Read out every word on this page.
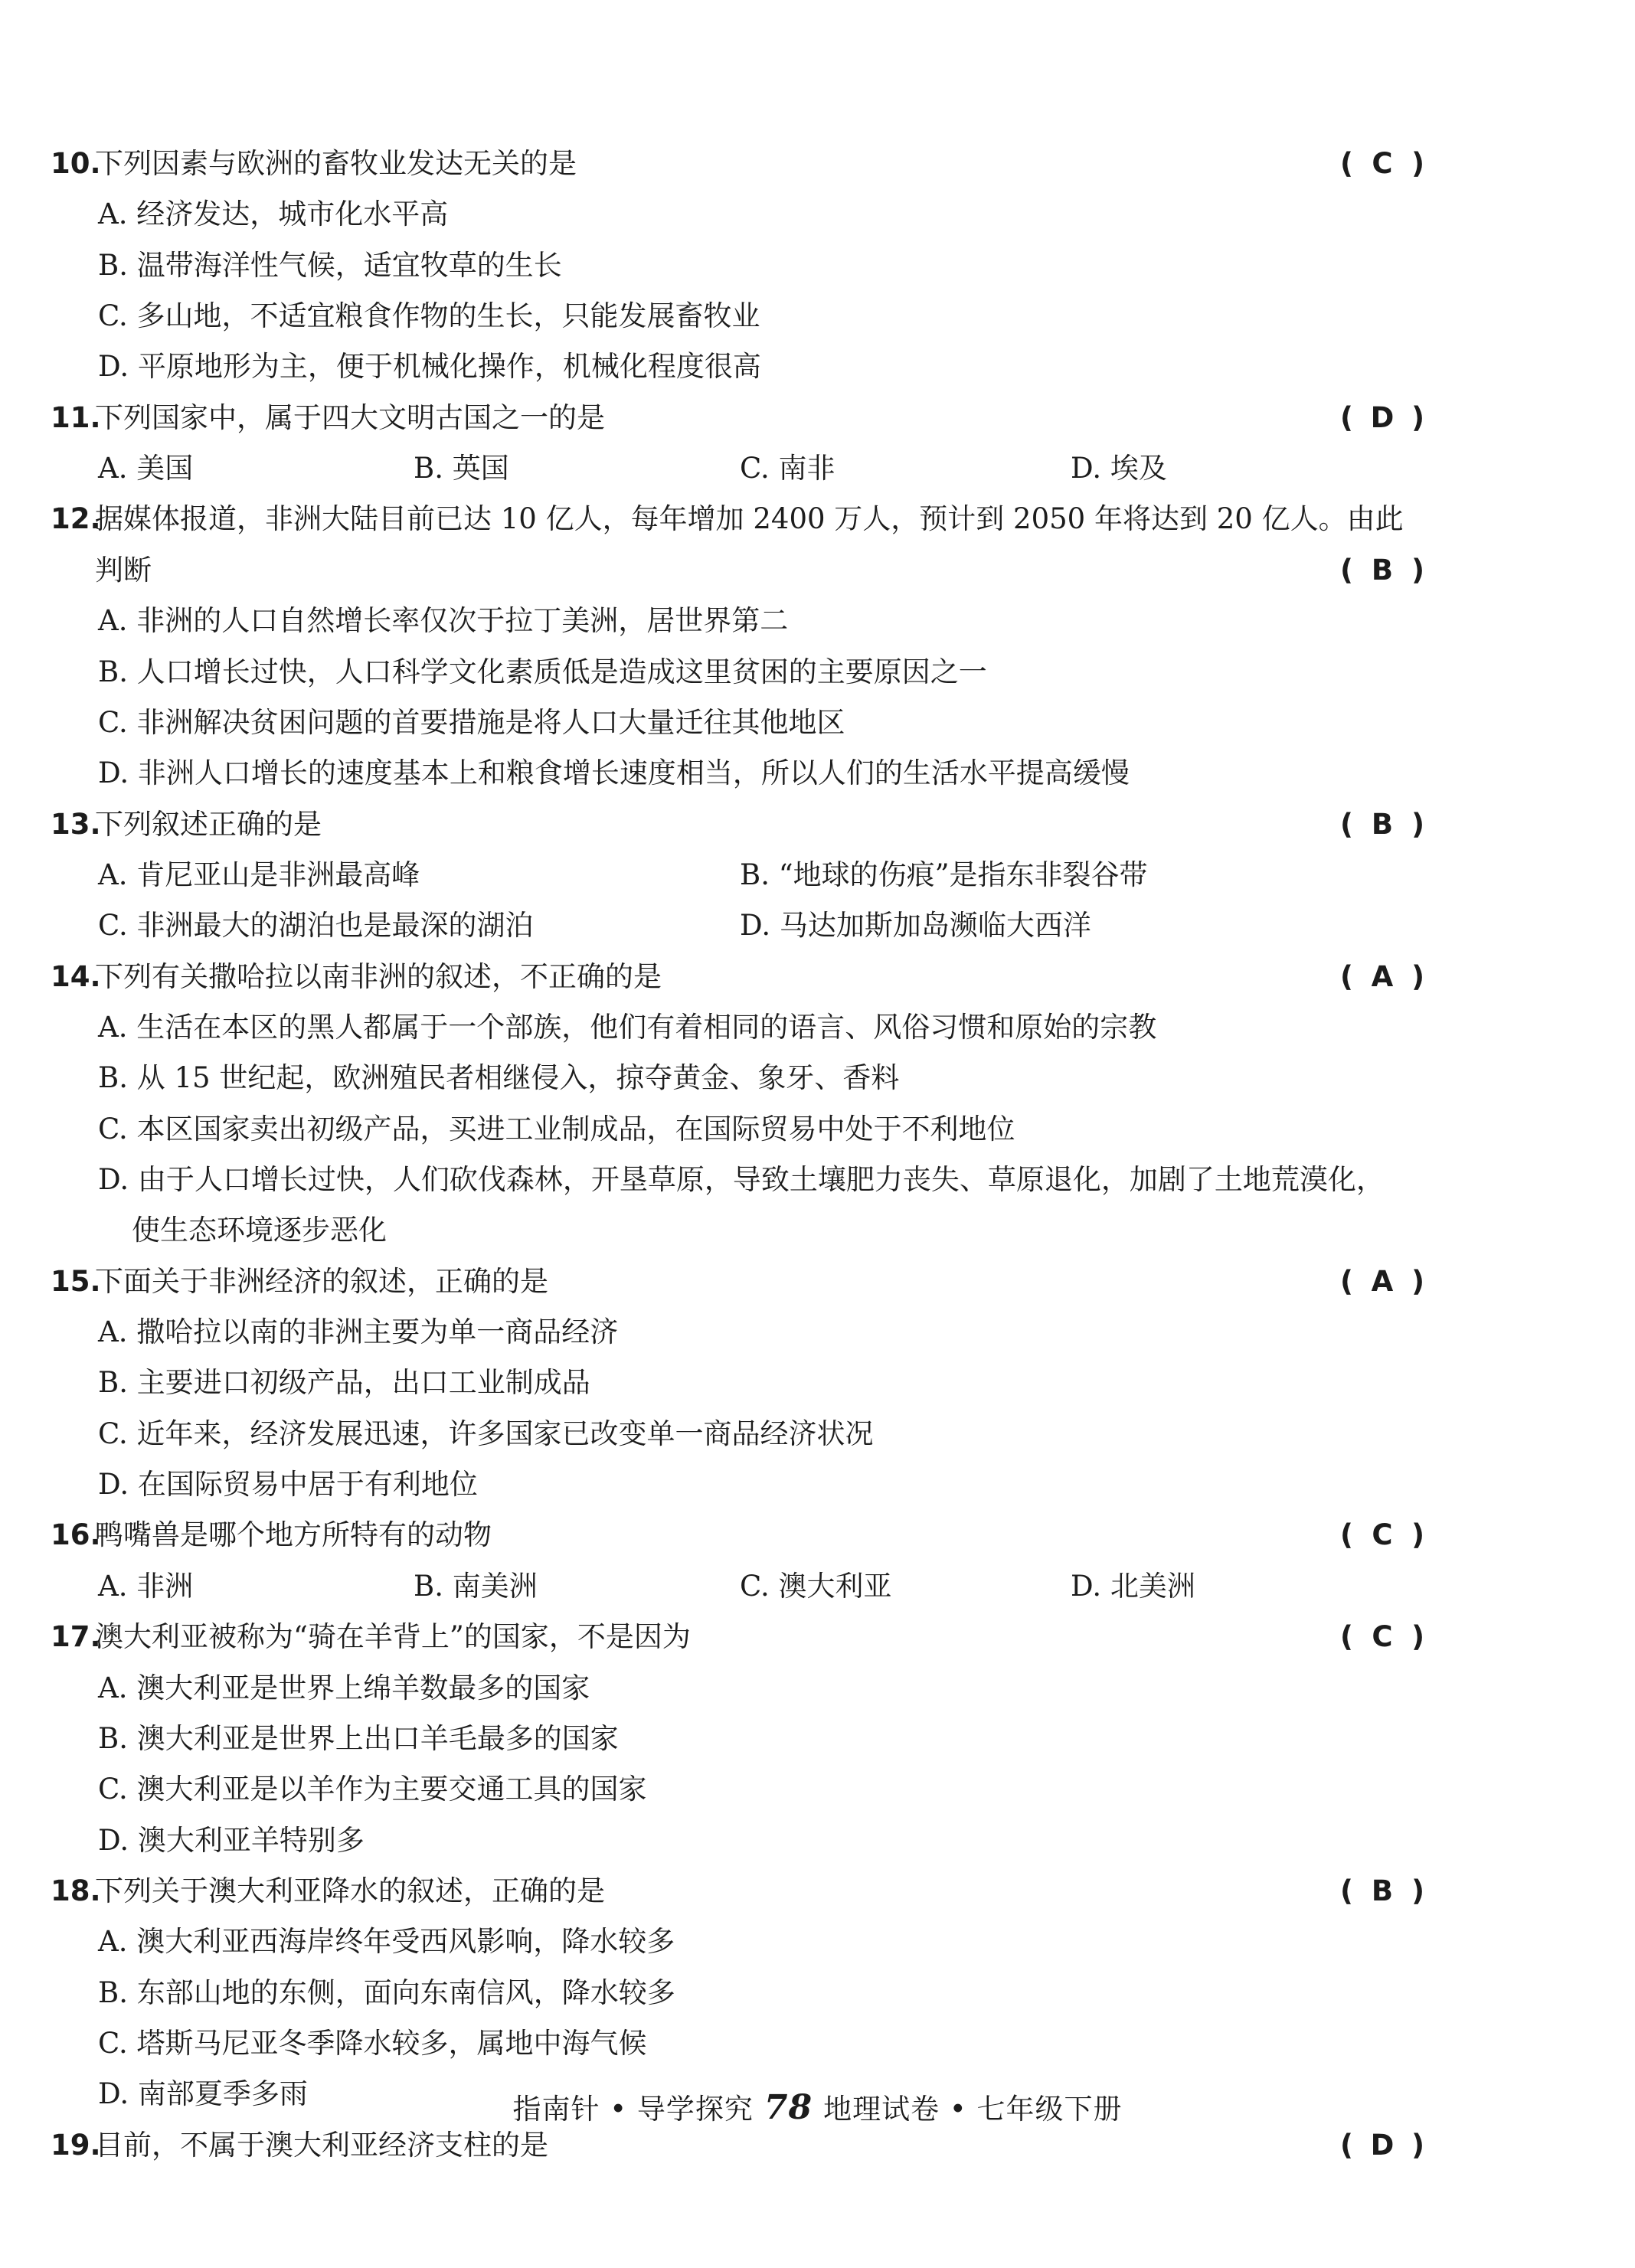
10.
下列因素与欧洲的畜牧业发达无关的是	( C )
A. 经济发达，城市化水平高
B. 温带海洋性气候，适宜牧草的生长
C. 多山地，不适宜粮食作物的生长，只能发展畜牧业
D. 平原地形为主，便于机械化操作，机械化程度很高
11.
下列国家中，属于四大文明古国之一的是	( D )
A. 美国	B. 英国	C. 南非	D. 埃及
12.
据媒体报道，非洲大陆目前已达 10 亿人，每年增加 2400 万人，预计到 2050 年将达到 20 亿人。由此
判断	( B )
A. 非洲的人口自然增长率仅次于拉丁美洲，居世界第二
B. 人口增长过快，人口科学文化素质低是造成这里贫困的主要原因之一
C. 非洲解决贫困问题的首要措施是将人口大量迁往其他地区
D. 非洲人口增长的速度基本上和粮食增长速度相当，所以人们的生活水平提高缓慢
13.
下列叙述正确的是	( B )
A. 肯尼亚山是非洲最高峰	B. “地球的伤痕”是指东非裂谷带
C. 非洲最大的湖泊也是最深的湖泊	D. 马达加斯加岛濒临大西洋
14.
下列有关撒哈拉以南非洲的叙述，不正确的是	( A )
A. 生活在本区的黑人都属于一个部族，他们有着相同的语言、风俗习惯和原始的宗教
B. 从 15 世纪起，欧洲殖民者相继侵入，掠夺黄金、象牙、香料
C. 本区国家卖出初级产品，买进工业制成品，在国际贸易中处于不利地位
D. 由于人口增长过快，人们砍伐森林，开垦草原，导致土壤肥力丧失、草原退化，加剧了土地荒漠化，
使生态环境逐步恶化
15.
下面关于非洲经济的叙述，正确的是	( A )
A. 撒哈拉以南的非洲主要为单一商品经济
B. 主要进口初级产品，出口工业制成品
C. 近年来，经济发展迅速，许多国家已改变单一商品经济状况
D. 在国际贸易中居于有利地位
16.
鸭嘴兽是哪个地方所特有的动物	( C )
A. 非洲	B. 南美洲	C. 澳大利亚	D. 北美洲
17.
澳大利亚被称为“骑在羊背上”的国家，不是因为	( C )
A. 澳大利亚是世界上绵羊数最多的国家
B. 澳大利亚是世界上出口羊毛最多的国家
C. 澳大利亚是以羊作为主要交通工具的国家
D. 澳大利亚羊特别多
18.
下列关于澳大利亚降水的叙述，正确的是	( B )
A. 澳大利亚西海岸终年受西风影响，降水较多
B. 东部山地的东侧，面向东南信风，降水较多
C. 塔斯马尼亚冬季降水较多，属地中海气候
D. 南部夏季多雨
19.
目前，不属于澳大利亚经济支柱的是	( D )
指南针 • 导学探究 78 地理试卷 • 七年级下册
